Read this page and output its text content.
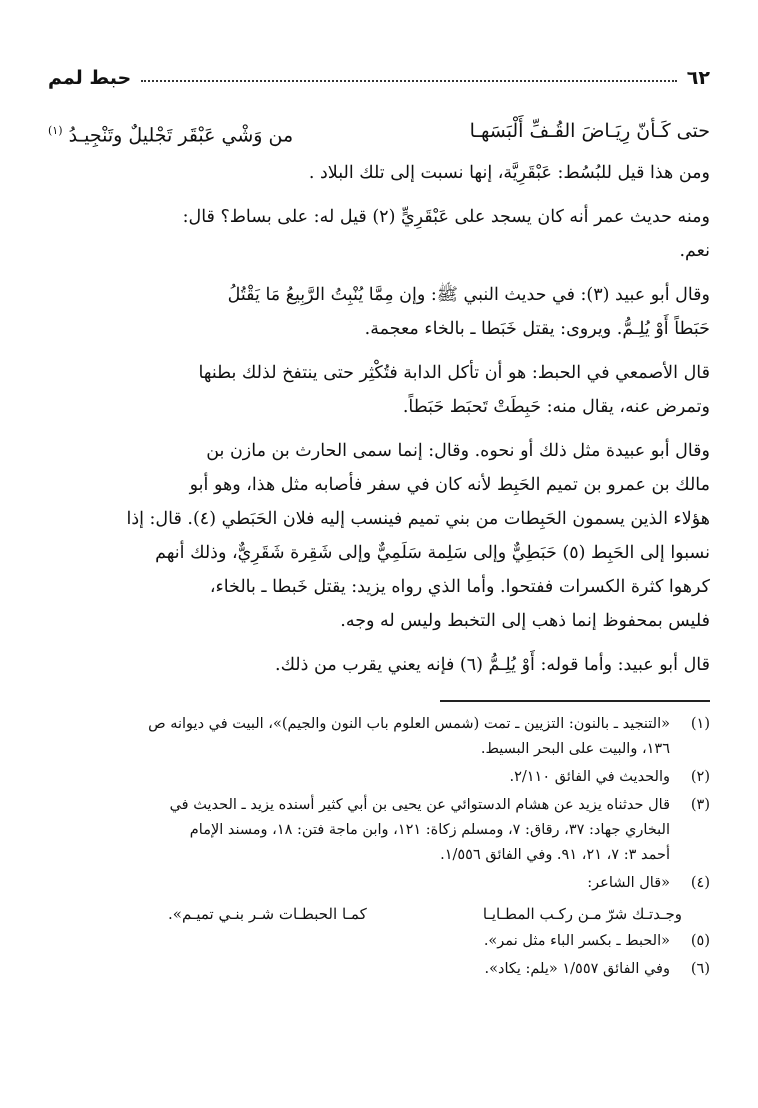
٦٢
حبط لمم
حتى كَـأنّ رِيَـاضَ القُـفِّ أَلْبَسَهـا
من وَشْي عَبْقَر تَجْليلٌ وتَنْجِيـدُ $^{(١)}$
ومن هذا قيل للبُسُط: عَبْقَرِيَّة، إنها نسبت إلى تلك البلاد .
ومنه حديث عمر أنه كان يسجد على عَبْقَرِيٍّ (٢) قيل له: على بساط؟ قال:
نعم.
وقال أبو عبيد (٣): في حديث النبي ﷺ: وإن مِمَّا يُنْبِتُ الرَّبِيعُ مَا يَقْتُلُ
حَبَطاً أَوْ يُلِـمُّ. ويروى: يقتل خَبَطا ـ بالخاء معجمة.
قال الأصمعي في الحبط: هو أن تأكل الدابة فتُكْثِر حتى ينتفخ لذلك بطنها
وتمرض عنه، يقال منه: حَبِطَتْ تَحبَط حَبَطاً.
وقال أبو عبيدة مثل ذلك أو نحوه. وقال: إنما سمى الحارث بن مازن بن
مالك بن عمرو بن تميم الحَبِط لأنه كان في سفر فأصابه مثل هذا، وهو أبو
هؤلاء الذين يسمون الحَبِطات من بني تميم فينسب إليه فلان الحَبَطي (٤). قال: إذا
نسبوا إلى الحَبِط (٥) حَبَطِيٌّ وإلى سَلِمة سَلَمِيٌّ وإلى شَقِرة شَقَرِيٌّ، وذلك أنهم
كرهوا كثرة الكسرات ففتحوا. وأما الذي رواه يزيد: يقتل خَبطا ـ بالخاء،
فليس بمحفوظ إنما ذهب إلى التخبط وليس له وجه.
قال أبو عبيد: وأما قوله: أَوْ يُلِـمُّ (٦) فإنه يعني يقرب من ذلك.
(١)
«التنجيد ـ بالنون: التزيين ـ تمت (شمس العلوم باب النون والجيم)»، البيت في ديوانه ص
١٣٦، والبيت على البحر البسيط.
(٢)
والحديث في الفائق ٢/١١٠.
(٣)
قال حدثناه يزيد عن هشام الدستوائي عن يحيى بن أبي كثير أسنده يزيد ـ الحديث في
البخاري جهاد: ٣٧، رقاق: ٧، ومسلم زكاة: ١٢١، وابن ماجة فتن: ١٨، ومسند الإمام
أحمد ٣: ٧، ٢١، ٩١. وفي الفائق ١/٥٥٦.
(٤)
«قال الشاعر:
وجـدتـك شرّ مـن ركـب المطـايـا
كمـا الحبطـات شـر بنـي تميـم».
(٥)
«الحبط ـ بكسر الباء مثل نمر».
(٦)
وفي الفائق ١/٥٥٧ «يلم: يكاد».
